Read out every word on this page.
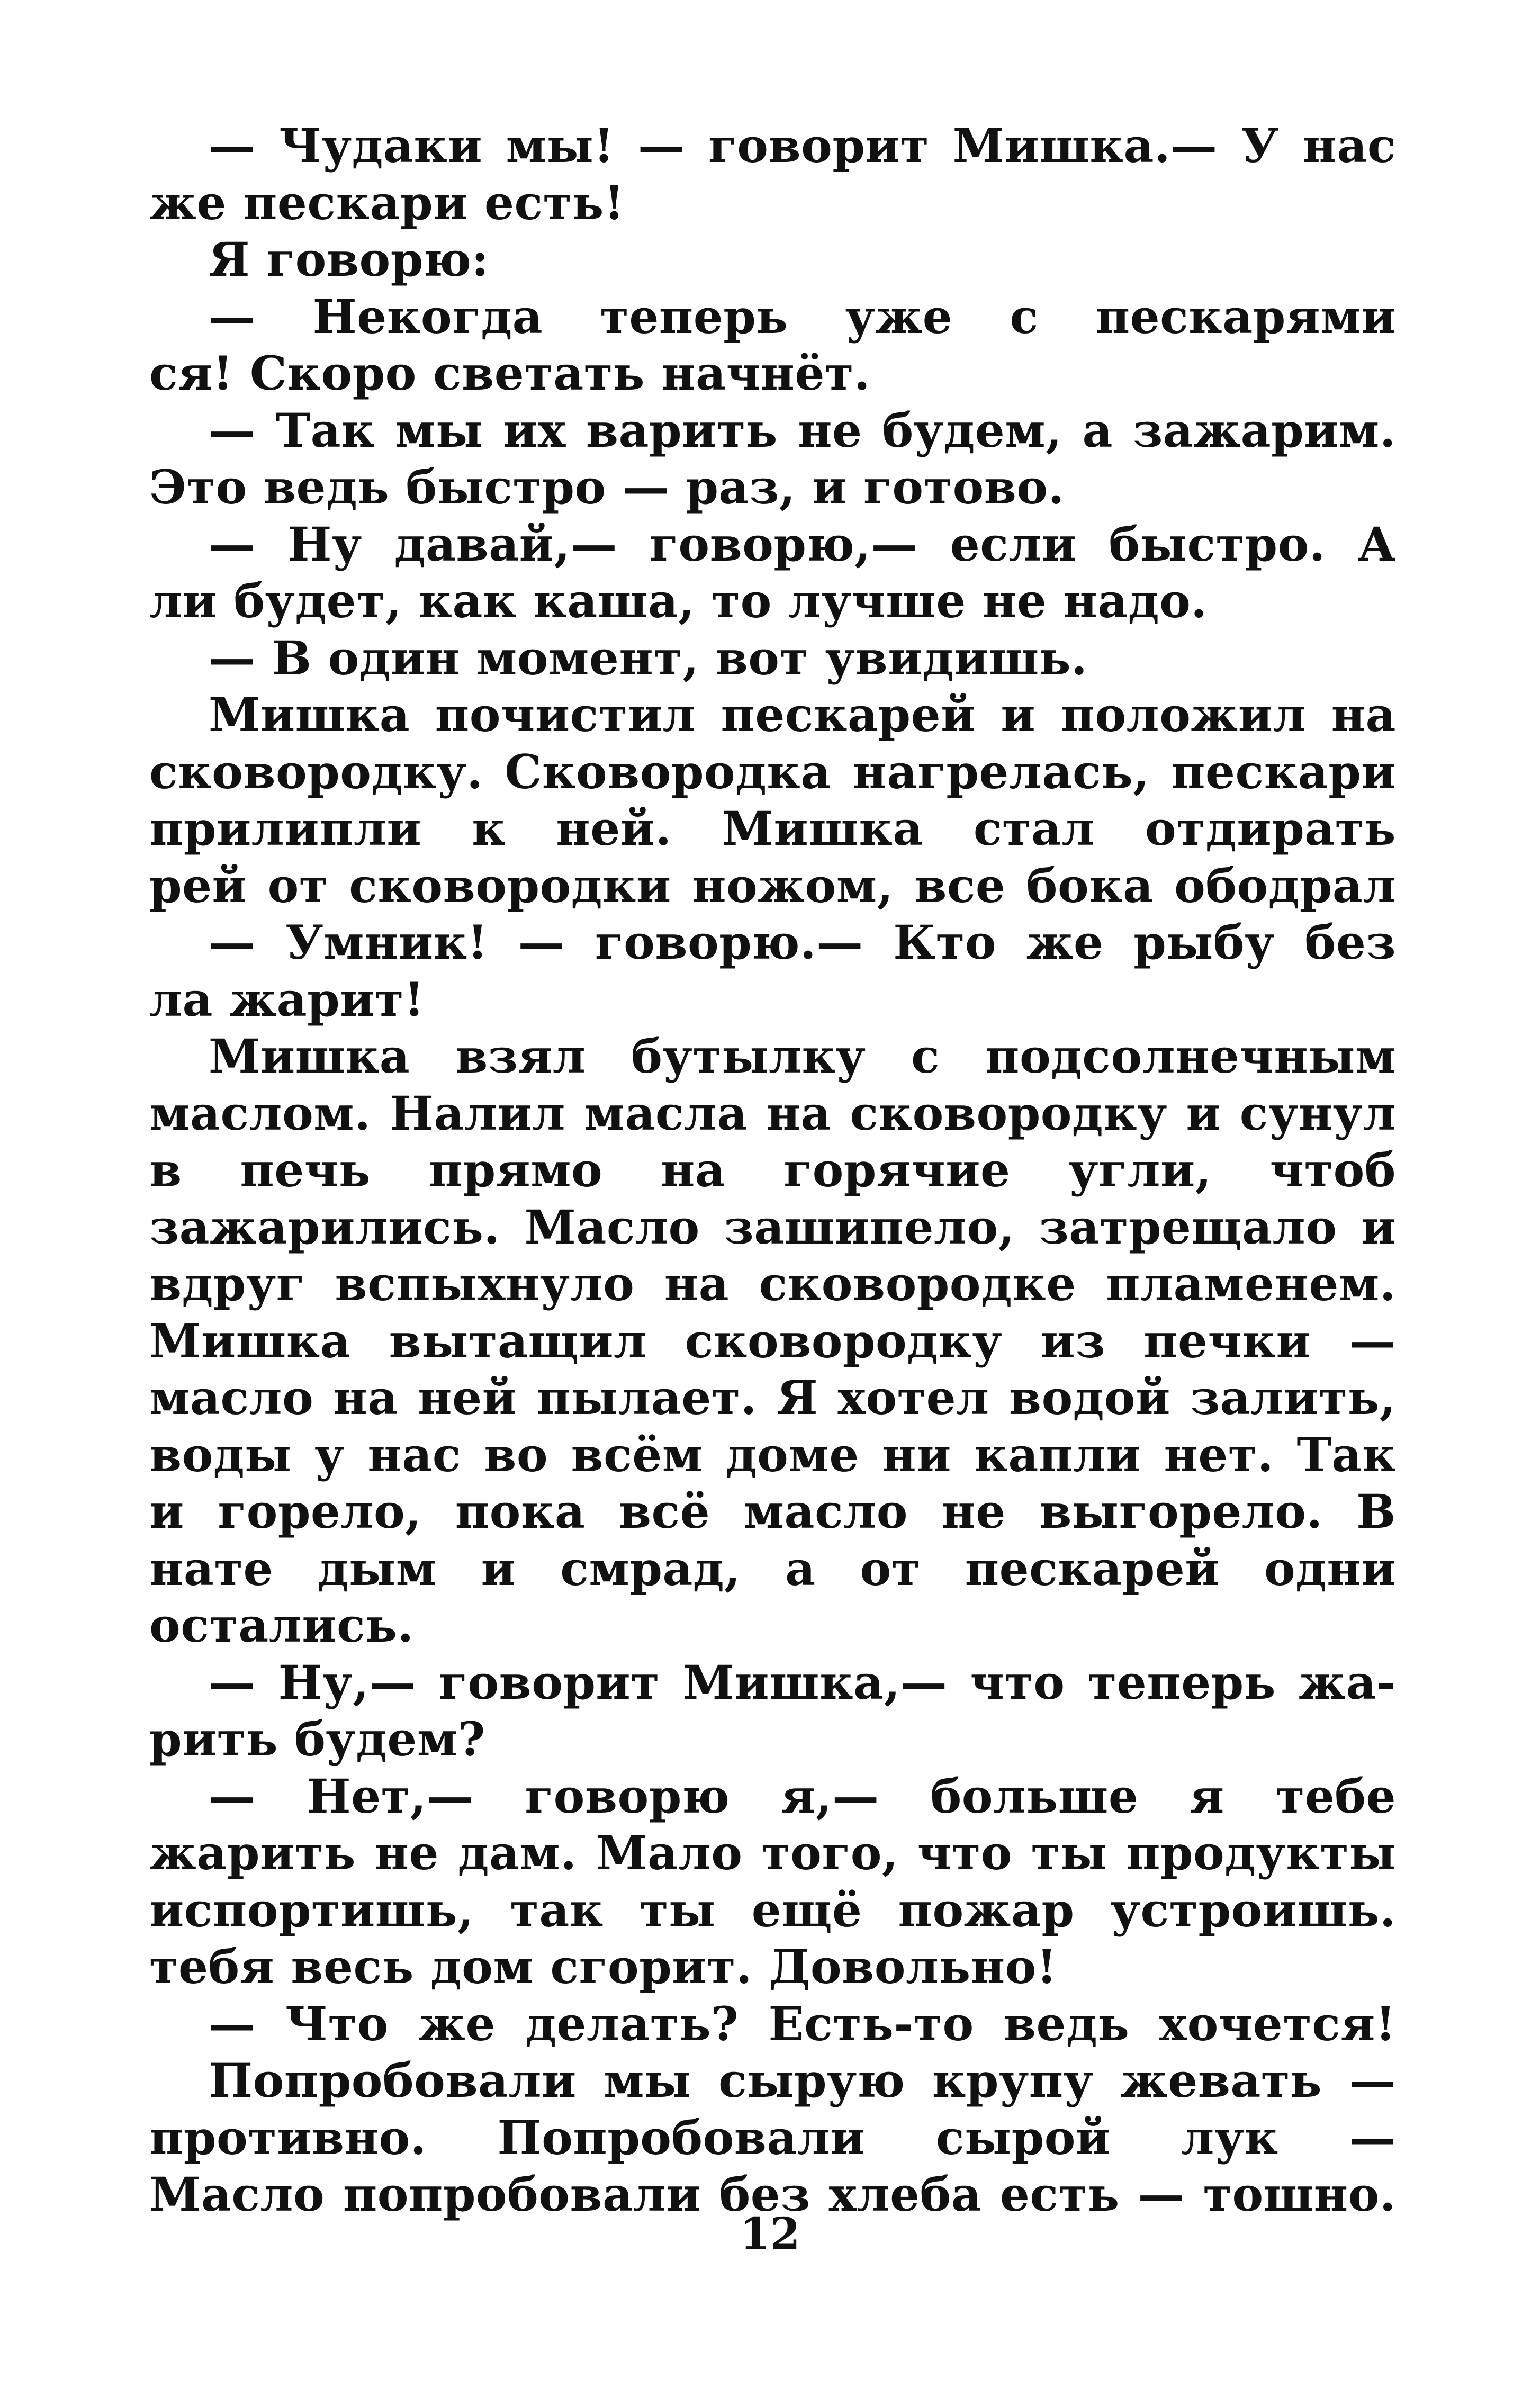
— Чудаки мы! — говорит Мишка.— У нас
же пескари есть!
Я говорю:
— Некогда теперь уже с пескарями
ся! Скоро светать начнёт.
— Так мы их варить не будем, а зажарим.
Это ведь быстро — раз, и готово.
— Ну давай,— говорю,— если быстро. А
ли будет, как каша, то лучше не надо.
— В один момент, вот увидишь.
Мишка почистил пескарей и положил на
сковородку. Сковородка нагрелась, пескари
прилипли к ней. Мишка стал отдирать
рей от сковородки ножом, все бока ободрал
— Умник! — говорю.— Кто же рыбу без
ла жарит!
Мишка взял бутылку с подсолнечным
маслом. Налил масла на сковородку и сунул
в печь прямо на горячие угли, чтоб
зажарились. Масло зашипело, затрещало и
вдруг вспыхнуло на сковородке пламенем.
Мишка вытащил сковородку из печки —
масло на ней пылает. Я хотел водой залить,
воды у нас во всём доме ни капли нет. Так
и горело, пока всё масло не выгорело. В
нате дым и смрад, а от пескарей одни
остались.
— Ну,— говорит Мишка,— что теперь жа-
рить будем?
— Нет,— говорю я,— больше я тебе
жарить не дам. Мало того, что ты продукты
испортишь, так ты ещё пожар устроишь.
тебя весь дом сгорит. Довольно!
— Что же делать? Есть-то ведь хочется!
Попробовали мы сырую крупу жевать —
противно. Попробовали сырой лук —
Масло попробовали без хлеба есть — тошно.
12
